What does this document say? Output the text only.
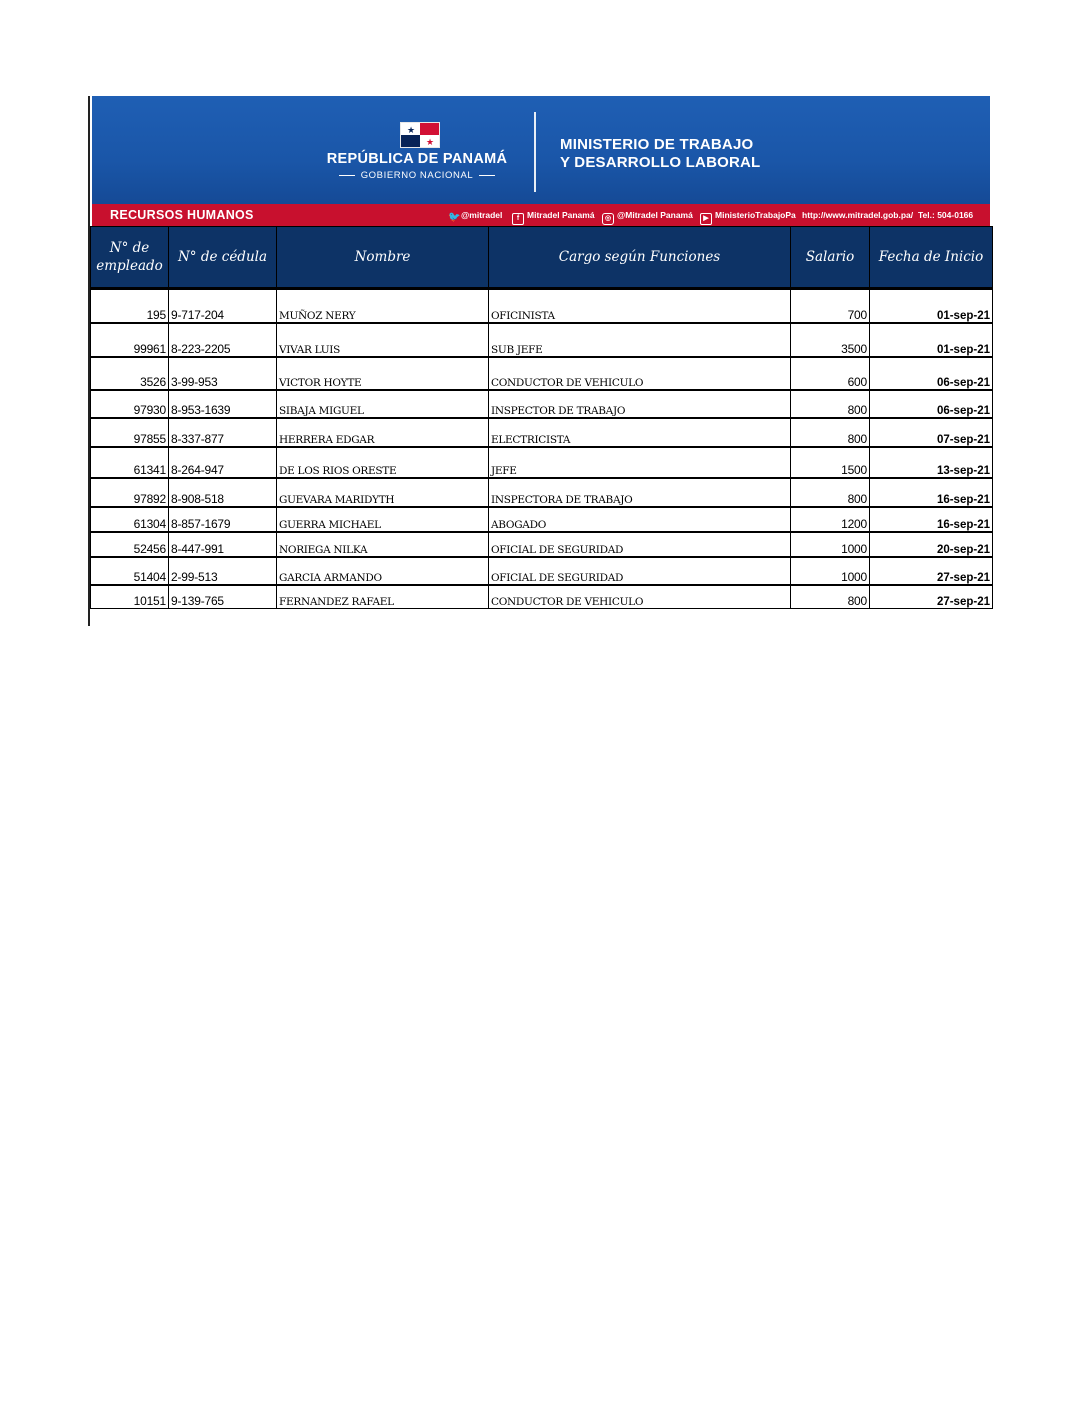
★
★
REPÚBLICA DE PANAMÁ
GOBIERNO NACIONAL
MINISTERIO DE TRABAJO
Y DESARROLLO LABORAL
RECURSOS HUMANOS	🐦@mitradel	f Mitradel Panamá	◎ @Mitradel Panamá	▶ MinisterioTrabajoPa http://www.mitradel.gob.pa/ Tel.: 504-0166
N° de empleado	N° de cédula	Nombre	Cargo según Funciones	Salario	Fecha de Inicio
195	9-717-204	MUÑOZ NERY	OFICINISTA	700	01-sep-21
99961	8-223-2205	VIVAR LUIS	SUB JEFE	3500	01-sep-21
3526	3-99-953	VICTOR HOYTE	CONDUCTOR DE VEHICULO	600	06-sep-21
97930	8-953-1639	SIBAJA MIGUEL	INSPECTOR DE TRABAJO	800	06-sep-21
97855	8-337-877	HERRERA EDGAR	ELECTRICISTA	800	07-sep-21
61341	8-264-947	DE LOS RIOS ORESTE	JEFE	1500	13-sep-21
97892	8-908-518	GUEVARA MARIDYTH	INSPECTORA DE TRABAJO	800	16-sep-21
61304	8-857-1679	GUERRA MICHAEL	ABOGADO	1200	16-sep-21
52456	8-447-991	NORIEGA NILKA	OFICIAL DE SEGURIDAD	1000	20-sep-21
51404	2-99-513	GARCIA ARMANDO	OFICIAL DE SEGURIDAD	1000	27-sep-21
10151	9-139-765	FERNANDEZ RAFAEL	CONDUCTOR DE VEHICULO	800	27-sep-21
